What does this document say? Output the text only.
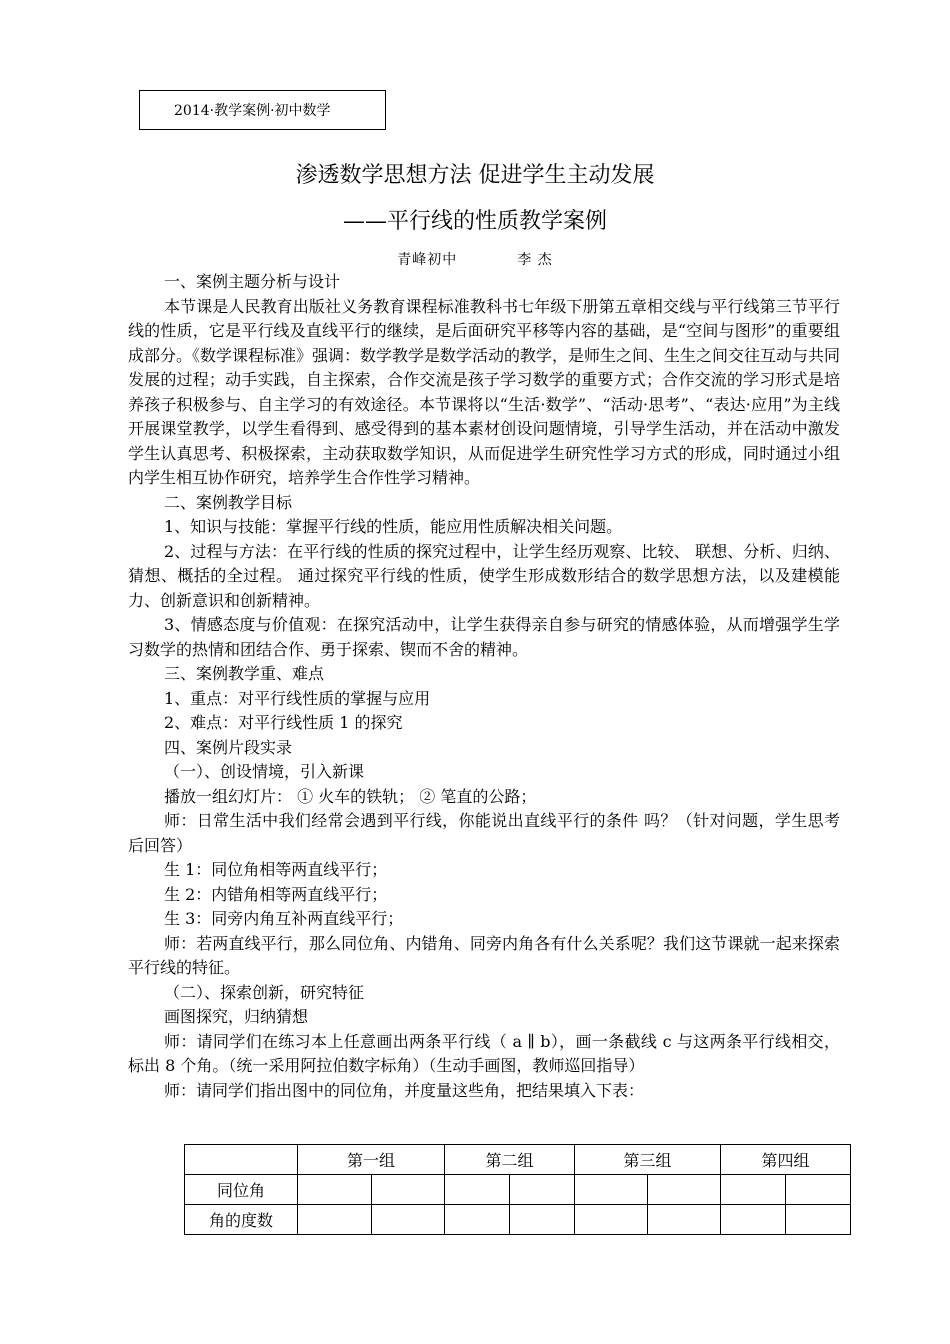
2014·教学案例·初中数学
渗透数学思想方法 促进学生主动发展
——平行线的性质教学案例
青峰初中	李 杰

一、案例主题分析与设计

本节课是人民教育出版社义务教育课程标准教科书七年级下册第五章相交线与平行线第三节平行线的性质，它是平行线及直线平行的继续，是后面研究平移等内容的基础，是“空间与图形”的重要组成部分。《数学课程标准》强调：数学教学是数学活动的教学，是师生之间、生生之间交往互动与共同发展的过程；动手实践，自主探索，合作交流是孩子学习数学的重要方式；合作交流的学习形式是培养孩子积极参与、自主学习的有效途径。本节课将以“生活·数学”、“活动·思考”、“表达·应用”为主线开展课堂教学，以学生看得到、感受得到的基本素材创设问题情境，引导学生活动，并在活动中激发学生认真思考、积极探索，主动获取数学知识，从而促进学生研究性学习方式的形成，同时通过小组内学生相互协作研究，培养学生合作性学习精神。

二、案例教学目标

1、知识与技能：掌握平行线的性质，能应用性质解决相关问题。

2、过程与方法：在平行线的性质的探究过程中，让学生经历观察、比较、 联想、分析、归纳、猜想、概括的全过程。 通过探究平行线的性质，使学生形成数形结合的数学思想方法，以及建模能力、创新意识和创新精神。

3、情感态度与价值观：在探究活动中，让学生获得亲自参与研究的情感体验，从而增强学生学习数学的热情和团结合作、勇于探索、锲而不舍的精神。

三、案例教学重、难点

1、重点：对平行线性质的掌握与应用

2、难点：对平行线性质 1 的探究

四、案例片段实录

（一）、创设情境，引入新课

播放一组幻灯片： ① 火车的铁轨； ② 笔直的公路；

师：日常生活中我们经常会遇到平行线，你能说出直线平行的条件 吗？（针对问题，学生思考后回答）

生 1：同位角相等两直线平行；

生 2：内错角相等两直线平行；

生 3：同旁内角互补两直线平行；

师：若两直线平行，那么同位角、内错角、同旁内角各有什么关系呢？我们这节课就一起来探索平行线的特征。

（二）、探索创新，研究特征

画图探究，归纳猜想

师：请同学们在练习本上任意画出两条平行线（ a ∥ b），画一条截线 c 与这两条平行线相交，标出 8 个角。（统一采用阿拉伯数字标角）（生动手画图，教师巡回指导）

师：请同学们指出图中的同位角，并度量这些角，把结果填入下表：

	第一组		第二组		第三组		第四组	
同位角								
角的度数								
